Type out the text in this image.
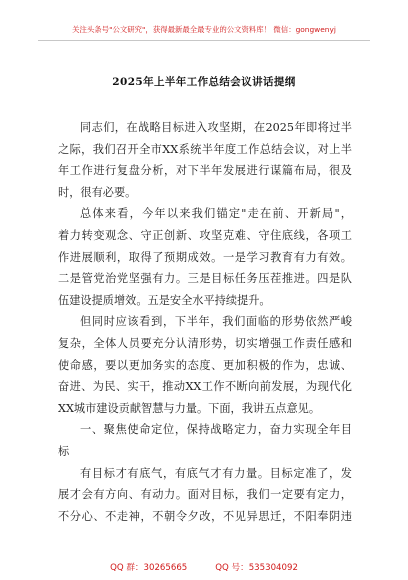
关注头条号"公文研究"，获得最新最全最专业的公文资料库！ 微信：gongwenyj
2025年上半年工作总结会议讲话提纲
同志们，在战略目标进入攻坚期，在2025年即将过半
之际，我们召开全市XX系统半年度工作总结会议，对上半
年工作进行复盘分析，对下半年发展进行谋篇布局，很及
时，很有必要。
总体来看，今年以来我们锚定"走在前、开新局"，
着力转变观念、守正创新、攻坚克难、守住底线，各项工
作进展顺利，取得了预期成效。一是学习教育有力有效。
二是管党治党坚强有力。三是目标任务压茬推进。四是队
伍建设提质增效。五是安全水平持续提升。
但同时应该看到，下半年，我们面临的形势依然严峻
复杂，全体人员要充分认清形势，切实增强工作责任感和
使命感，要以更加务实的态度、更加积极的作为，忠诚、
奋进、为民、实干，推动XX工作不断向前发展，为现代化
XX城市建设贡献智慧与力量。下面，我讲五点意见。
一、聚焦使命定位，保持战略定力，奋力实现全年目
标
有目标才有底气，有底气才有力量。目标定准了，发
展才会有方向、有动力。面对目标，我们一定要有定力，
不分心、不走神，不朝令夕改，不见异思迁，不阳奉阴违
QQ 群：30265665	QQ 号：535304092
